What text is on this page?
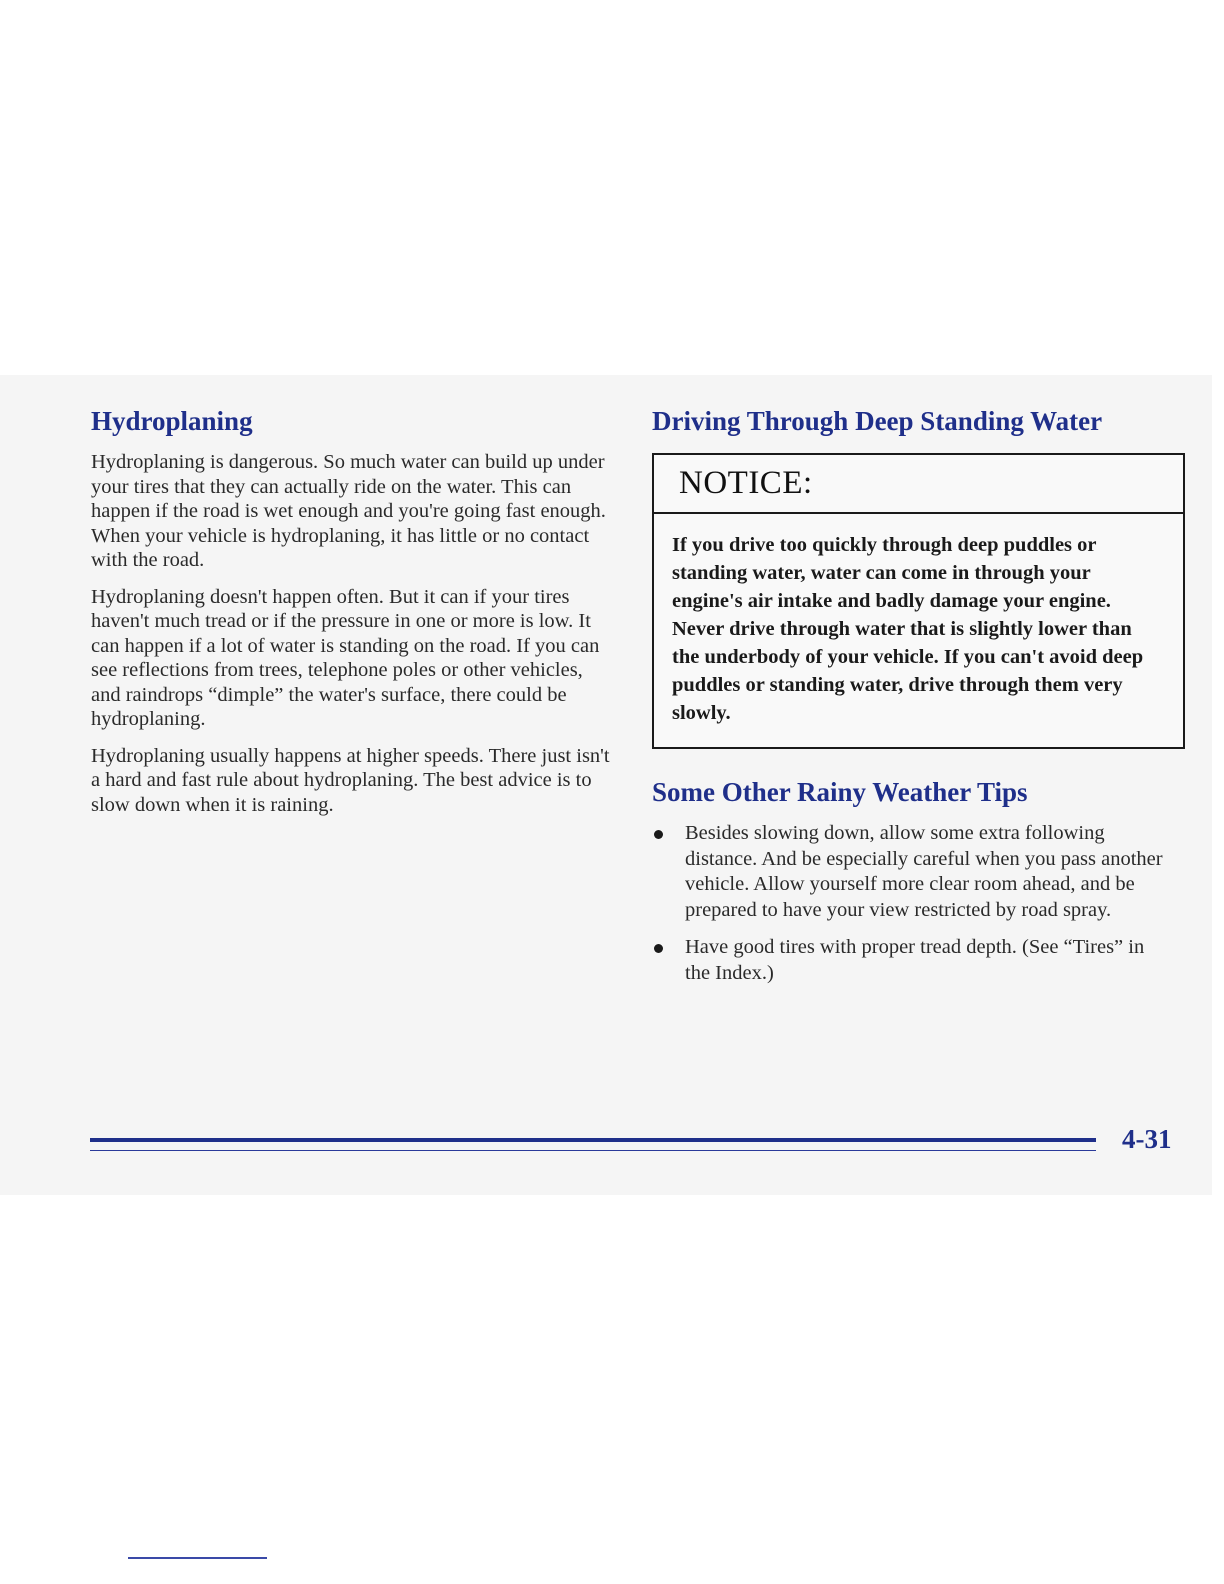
Hydroplaning

Hydroplaning is dangerous. So much water can build up under your tires that they can actually ride on the water. This can happen if the road is wet enough and you're going fast enough. When your vehicle is hydroplaning, it has little or no contact with the road.

Hydroplaning doesn't happen often. But it can if your tires haven't much tread or if the pressure in one or more is low. It can happen if a lot of water is standing on the road. If you can see reflections from trees, telephone poles or other vehicles, and raindrops “dimple” the water's surface, there could be hydroplaning.

Hydroplaning usually happens at higher speeds. There just isn't a hard and fast rule about hydroplaning. The best advice is to slow down when it is raining.

Driving Through Deep Standing Water
NOTICE:
If you drive too quickly through deep puddles or standing water, water can come in through your engine's air intake and badly damage your engine. Never drive through water that is slightly lower than the underbody of your vehicle. If you can't avoid deep puddles or standing water, drive through them very slowly.
Some Other Rainy Weather Tips
Besides slowing down, allow some extra following distance. And be especially careful when you pass another vehicle. Allow yourself more clear room ahead, and be prepared to have your view restricted by road spray.
Have good tires with proper tread depth. (See “Tires” in the Index.)
4-31
